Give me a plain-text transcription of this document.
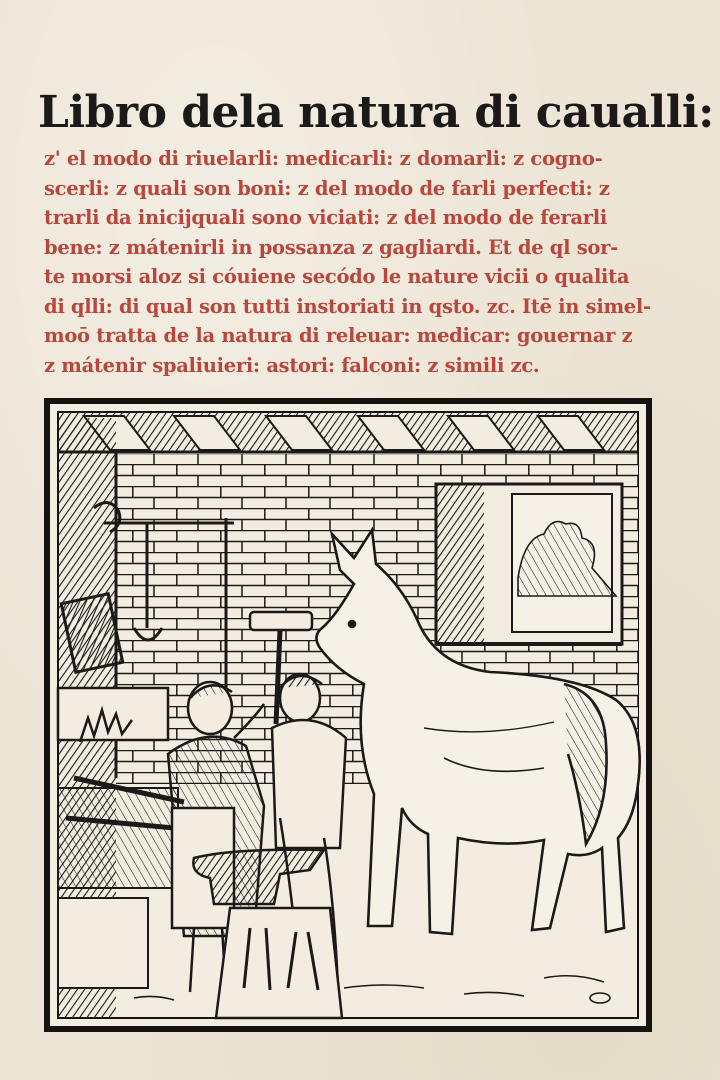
Libro dela natura di caualli:
z' el modo di riuelarli: medicarli: z domarli: z cogno-
scerli: z quali son boni: z del modo de farli perfecti: z
trarli da inicijquali sono viciati: z del modo de ferarli
bene: z mátenirli in possanza z gagliardi. Et de ql sor-
te morsi aloz si cóuiene secódo le nature vicii o qualita
di qlli: di qual son tutti instoriati in qsto. zc. Itē in simel-
moō tratta de la natura di releuar: medicar: gouernar z
z mátenir spaliuieri: astori: falconi: z simili zc.
